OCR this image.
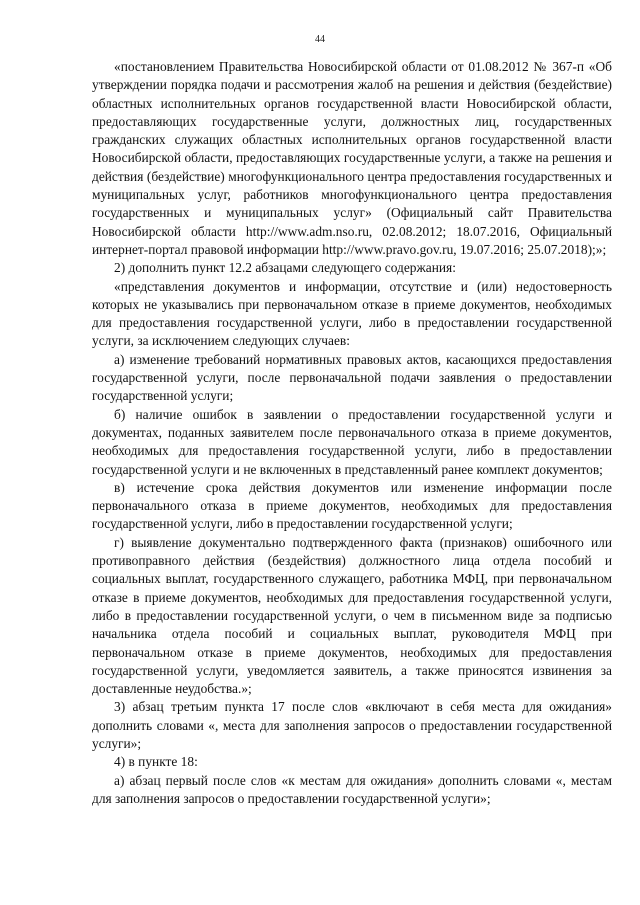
44

«постановлением Правительства Новосибирской области от 01.08.2012 № 367-п «Об утверждении порядка подачи и рассмотрения жалоб на решения и действия (бездействие) областных исполнительных органов государственной власти Новосибирской области, предоставляющих государственные услуги, должностных лиц, государственных гражданских служащих областных исполнительных органов государственной власти Новосибирской области, предоставляющих государственные услуги, а также на решения и действия (бездействие) многофункционального центра предоставления государственных и муниципальных услуг, работников многофункционального центра предоставления государственных и муниципальных услуг» (Официальный сайт Правительства Новосибирской области http://www.adm.nso.ru, 02.08.2012; 18.07.2016, Официальный интернет-портал правовой информации http://www.pravo.gov.ru, 19.07.2016; 25.07.2018);»;

2) дополнить пункт 12.2 абзацами следующего содержания:

«представления документов и информации, отсутствие и (или) недостоверность которых не указывались при первоначальном отказе в приеме документов, необходимых для предоставления государственной услуги, либо в предоставлении государственной услуги, за исключением следующих случаев:

а) изменение требований нормативных правовых актов, касающихся предоставления государственной услуги, после первоначальной подачи заявления о предоставлении государственной услуги;

б) наличие ошибок в заявлении о предоставлении государственной услуги и документах, поданных заявителем после первоначального отказа в приеме документов, необходимых для предоставления государственной услуги, либо в предоставлении государственной услуги и не включенных в представленный ранее комплект документов;

в) истечение срока действия документов или изменение информации после первоначального отказа в приеме документов, необходимых для предоставления государственной услуги, либо в предоставлении государственной услуги;

г) выявление документально подтвержденного факта (признаков) ошибочного или противоправного действия (бездействия) должностного лица отдела пособий и социальных выплат, государственного служащего, работника МФЦ, при первоначальном отказе в приеме документов, необходимых для предоставления государственной услуги, либо в предоставлении государственной услуги, о чем в письменном виде за подписью начальника отдела пособий и социальных выплат, руководителя МФЦ при первоначальном отказе в приеме документов, необходимых для предоставления государственной услуги, уведомляется заявитель, а также приносятся извинения за доставленные неудобства.»;

3) абзац третьим пункта 17 после слов «включают в себя места для ожидания» дополнить словами «, места для заполнения запросов о предоставлении государственной услуги»;

4) в пункте 18:

а) абзац первый после слов «к местам для ожидания» дополнить словами «, местам для заполнения запросов о предоставлении государственной услуги»;
